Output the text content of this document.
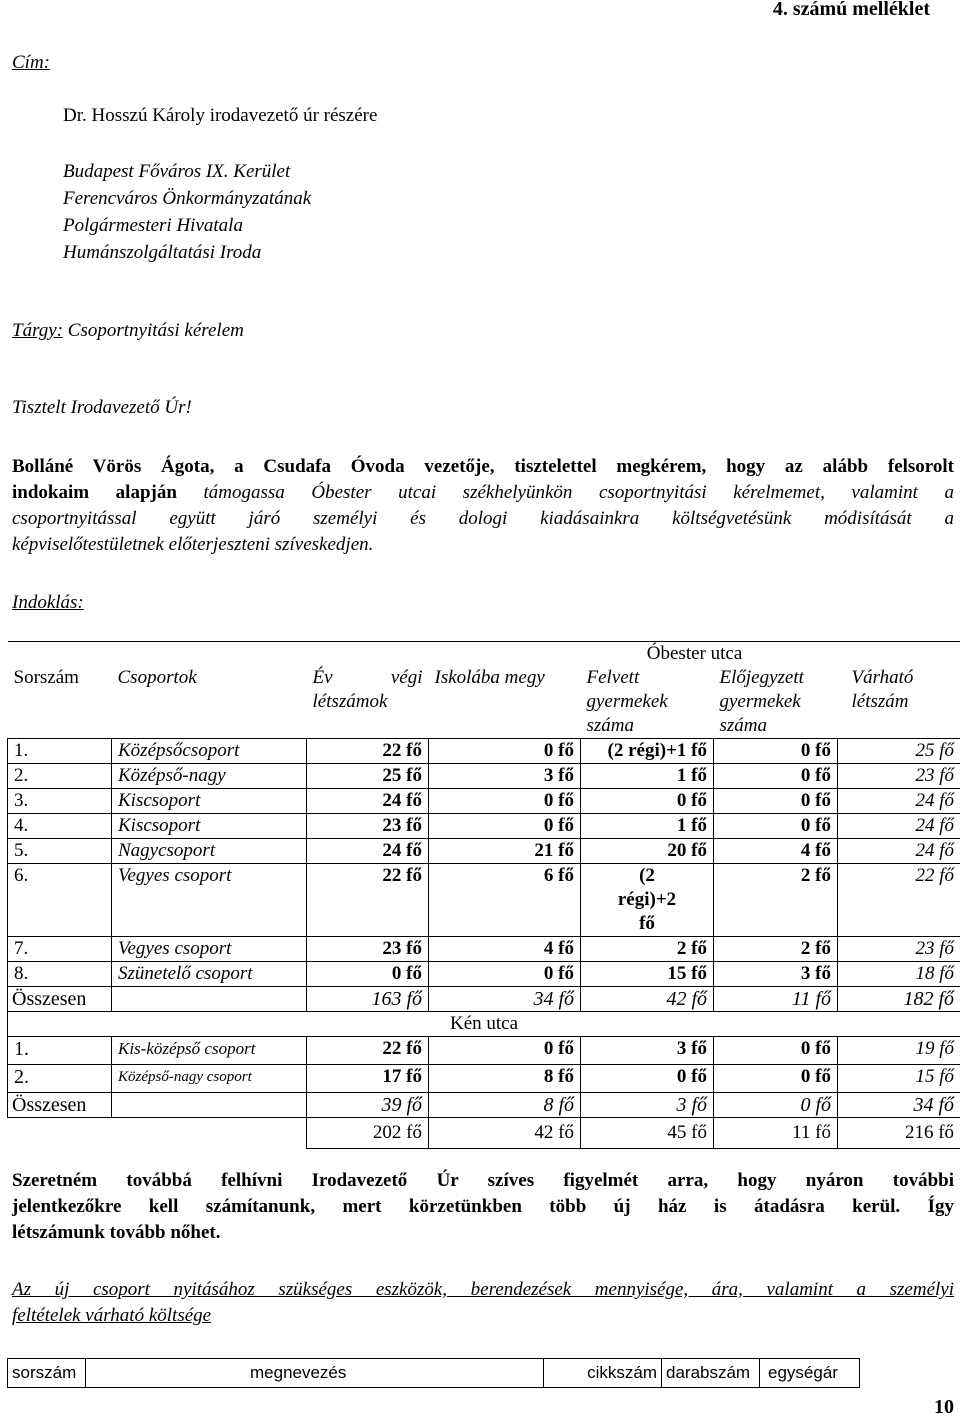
4. számú melléklet
Cím:
Dr. Hosszú Károly irodavezető úr részére
Budapest Főváros IX. Kerület
Ferencváros Önkormányzatának
Polgármesteri Hivatala
Humánszolgáltatási Iroda
Tárgy: Csoportnyitási kérelem
Tisztelt Irodavezető Úr!
Bolláné Vörös Ágota, a Csudafa Óvoda vezetője, tisztelettel megkérem, hogy az alább felsorolt
indokaim alapján támogassa Óbester utcai székhelyünkön csoportnyitási kérelmemet, valamint a
csoportnyitással együtt járó személyi és dologi kiadásainkra költségvetésünk módisítását a
képviselőtestületnek előterjeszteni szíveskedjen.
Indoklás:
			Óbester utca			
Sorszám	Csoportok	Év végi létszámok	Iskolába megy	Felvett gyermekek száma	Előjegyzett gyermekek száma	Várható létszám
1.	Középsőcsoport	22 fő	0 fő	(2 régi)+1 fő	0 fő	25 fő
2.	Középső-nagy	25 fő	3 fő	1 fő	0 fő	23 fő
3.	Kiscsoport	24 fő	0 fő	0 fő	0 fő	24 fő
4.	Kiscsoport	23 fő	0 fő	1 fő	0 fő	24 fő
5.	Nagycsoport	24 fő	21 fő	20 fő	4 fő	24 fő
6.	Vegyes csoport	22 fő	6 fő	(2 régi)+2 fő	2 fő	22 fő
7.	Vegyes csoport	23 fő	4 fő	2 fő	2 fő	23 fő
8.	Szünetelő csoport	0 fő	0 fő	15 fő	3 fő	18 fő
Összesen		163 fő	34 fő	42 fő	11 fő	182 fő
Kén utca						
1.	Kis-középső csoport	22 fő	0 fő	3 fő	0 fő	19 fő
2.	Középső-nagy csoport	17 fő	8 fő	0 fő	0 fő	15 fő
Összesen		39 fő	8 fő	3 fő	0 fő	34 fő
		202 fő	42 fő	45 fő	11 fő	216 fő
Szeretném továbbá felhívni Irodavezető Úr szíves figyelmét arra, hogy nyáron további
jelentkezőkre kell számítanunk, mert körzetünkben több új ház is átadásra kerül. Így
létszámunk tovább nőhet.
Az új csoport nyitásához szükséges eszközök, berendezések mennyisége, ára, valamint a személyi
feltételek várható költsége
sorszám	megnevezés	cikkszám	darabszám	egységár
10
